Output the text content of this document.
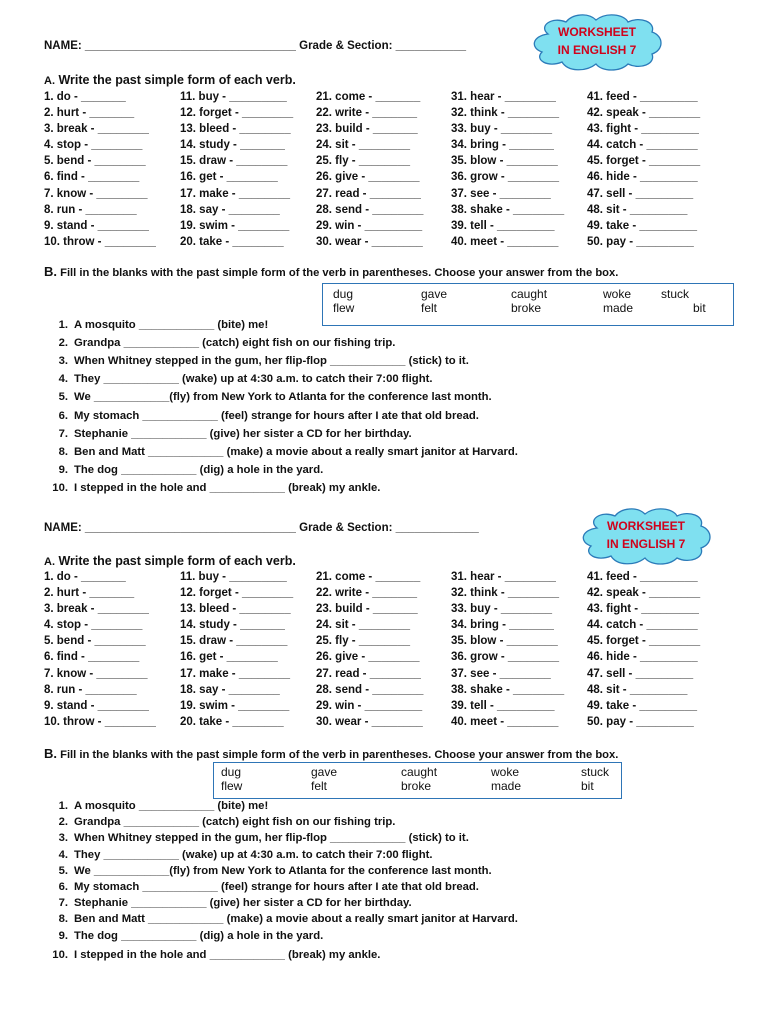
NAME: _________________________________ Grade & Section: ___________
WORKSHEET
IN ENGLISH 7
A. Write the past simple form of each verb.
1. do - _______
2. hurt - _______
3. break - ________
4. stop - ________
5. bend - ________
6. find - ________
7. know - ________
8. run - ________
9. stand - ________
10. throw - ________
11. buy - _________
12. forget - ________
13. bleed - ________
14. study - _______
15. draw - ________
16. get - ________
17. make - ________
18. say - ________
19. swim - ________
20. take - ________
21. come - _______
22. write - _______
23. build - _______
24. sit - ________
25. fly - ________
26. give - ________
27. read - ________
28. send - ________
29. win - _________
30. wear - ________
31. hear - ________
32. think - ________
33. buy - ________
34. bring - _______
35. blow - ________
36. grow - ________
37. see - ________
38. shake - ________
39. tell - _________
40. meet - ________
41. feed - _________
42. speak - ________
43. fight - _________
44. catch - ________
45. forget - ________
46. hide - _________
47. sell - _________
48. sit - _________
49. take - _________
50. pay - _________
B. Fill in the blanks with the past simple form of the verb in parentheses. Choose your answer from the box.
dug	gave	caught	woke stuck
flew	felt	broke	made	bit
1. A mosquito ____________ (bite) me!
2. Grandpa ____________ (catch) eight fish on our fishing trip.
3. When Whitney stepped in the gum, her flip-flop ____________ (stick) to it.
4. They ____________ (wake) up at 4:30 a.m. to catch their 7:00 flight.
5. We ____________(fly) from New York to Atlanta for the conference last month.
6. My stomach ____________ (feel) strange for hours after I ate that old bread.
7. Stephanie ____________ (give) her sister a CD for her birthday.
8. Ben and Matt ____________ (make) a movie about a really smart janitor at Harvard.
9. The dog ____________ (dig) a hole in the yard.
10. I stepped in the hole and ____________ (break) my ankle.
NAME: _________________________________ Grade & Section: _____________	WORKSHEET
IN ENGLISH 7
A. Write the past simple form of each verb.
1. do - _______
2. hurt - _______
3. break - ________
4. stop - ________
5. bend - ________
6. find - ________
7. know - ________
8. run - ________
9. stand - ________
10. throw - ________
11. buy - _________
12. forget - ________
13. bleed - ________
14. study - _______
15. draw - ________
16. get - ________
17. make - ________
18. say - ________
19. swim - ________
20. take - ________
21. come - _______
22. write - _______
23. build - _______
24. sit - ________
25. fly - ________
26. give - ________
27. read - ________
28. send - ________
29. win - _________
30. wear - ________
31. hear - ________
32. think - ________
33. buy - ________
34. bring - _______
35. blow - ________
36. grow - ________
37. see - ________
38. shake - ________
39. tell - _________
40. meet - ________
41. feed - _________
42. speak - ________
43. fight - _________
44. catch - ________
45. forget - ________
46. hide - _________
47. sell - _________
48. sit - _________
49. take - _________
50. pay - _________
B. Fill in the blanks with the past simple form of the verb in parentheses. Choose your answer from the box.
dug	gave	caught	woke	stuck
flew	felt	broke	made	bit
1. A mosquito ____________ (bite) me!
2. Grandpa ____________ (catch) eight fish on our fishing trip.
3. When Whitney stepped in the gum, her flip-flop ____________ (stick) to it.
4. They ____________ (wake) up at 4:30 a.m. to catch their 7:00 flight.
5. We ____________(fly) from New York to Atlanta for the conference last month.
6. My stomach ____________ (feel) strange for hours after I ate that old bread.
7. Stephanie ____________ (give) her sister a CD for her birthday.
8. Ben and Matt ____________ (make) a movie about a really smart janitor at Harvard.
9. The dog ____________ (dig) a hole in the yard.
10. I stepped in the hole and ____________ (break) my ankle.
